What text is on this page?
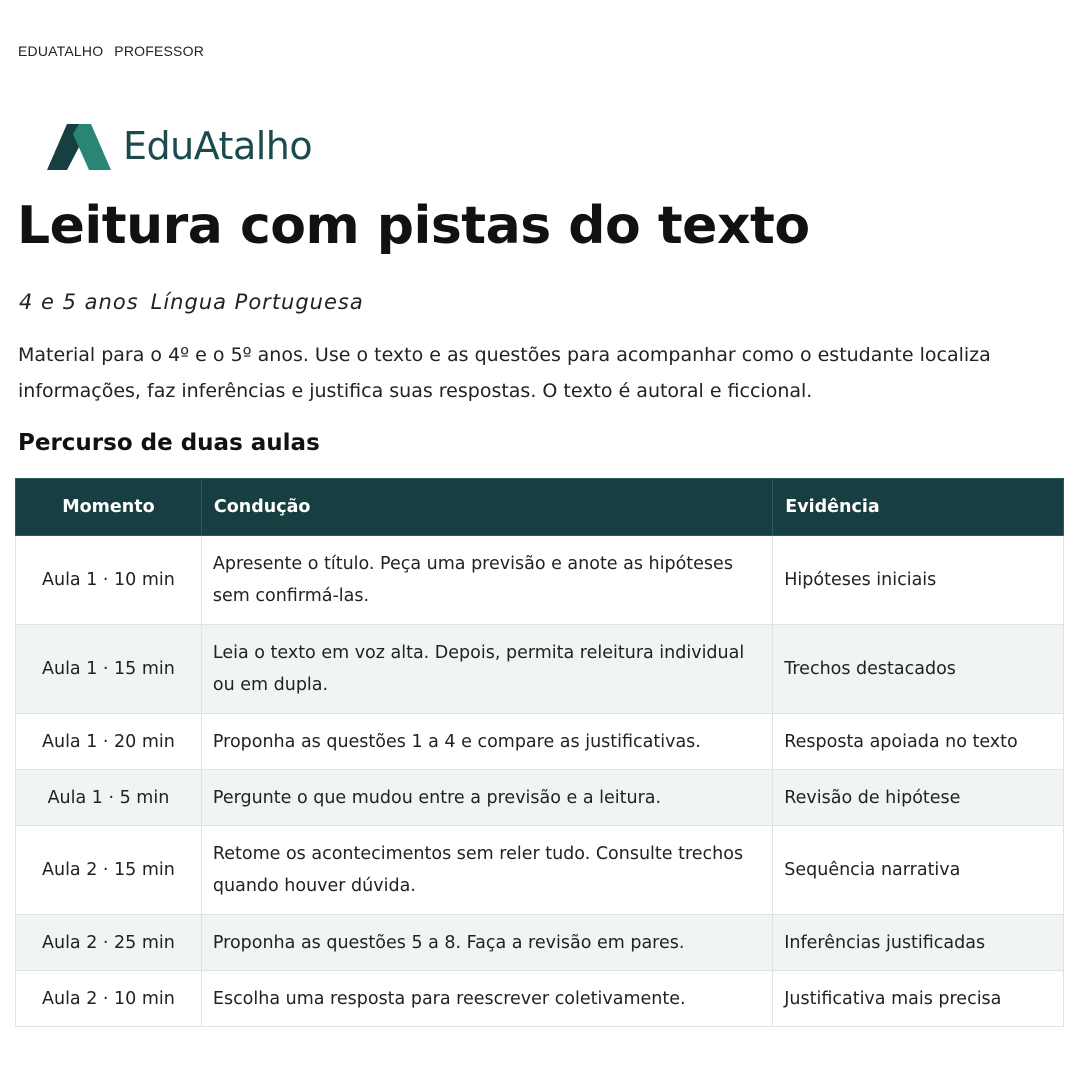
EDUATALHO PROFESSOR
EduAtalho
Leitura com pistas do texto
4 e 5 anos Língua Portuguesa

Material para o 4º e o 5º anos. Use o texto e as questões para acompanhar como o estudante localiza informações, faz inferências e justifica suas respostas. O texto é autoral e ficcional.

Percurso de duas aulas
Momento	Condução	Evidência
Aula 1 · 10 min	Apresente o título. Peça uma previsão e anote as hipóteses sem confirmá-las.	Hipóteses iniciais
Aula 1 · 15 min	Leia o texto em voz alta. Depois, permita releitura individual ou em dupla.	Trechos destacados
Aula 1 · 20 min	Proponha as questões 1 a 4 e compare as justificativas.	Resposta apoiada no texto
Aula 1 · 5 min	Pergunte o que mudou entre a previsão e a leitura.	Revisão de hipótese
Aula 2 · 15 min	Retome os acontecimentos sem reler tudo. Consulte trechos quando houver dúvida.	Sequência narrativa
Aula 2 · 25 min	Proponha as questões 5 a 8. Faça a revisão em pares.	Inferências justificadas
Aula 2 · 10 min	Escolha uma resposta para reescrever coletivamente.	Justificativa mais precisa
